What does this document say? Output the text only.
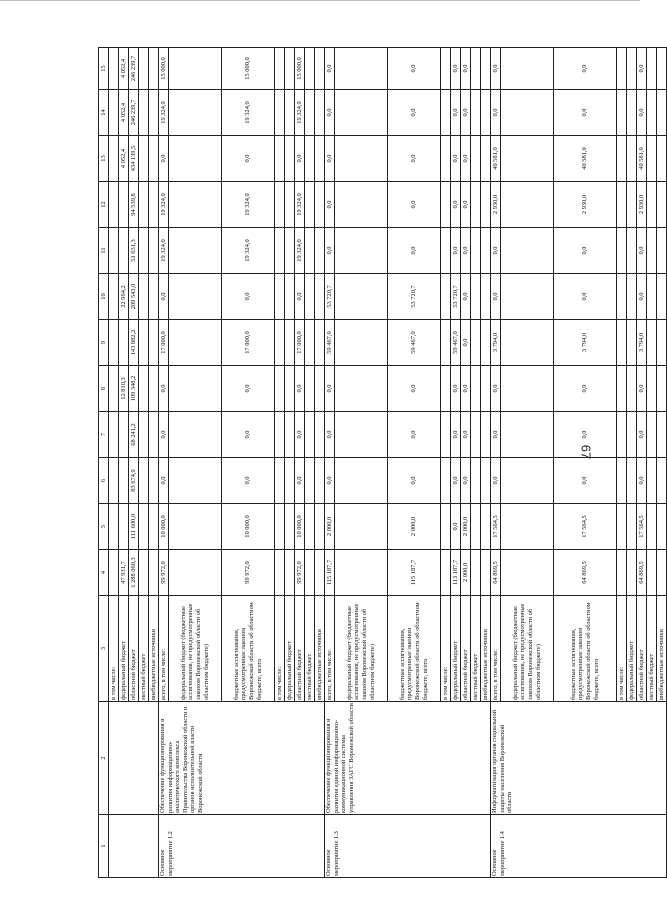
67
1	2	3	4	5	6	7	8	9	10	11	12	13	14	15
		в том числе:												
		федеральный бюджет	47 931,7				12 810,3		22 964,2			4 052,4	4 052,4	4 052,4
		областной бюджет	1 288 060,3	111 600,0	83 674,9	68 241,2	109 348,2	143 882,2	209 543,0	51 631,3	94 539,8	434 139,5	246 239,7	246 239,7
		местный бюджет												
		внебюджетные источники												
Основное мероприятие 1.2	Обеспечение функционирования и развития информационно-аналитического комплекса Правительства Воронежской области и органов исполнительной власти Воронежской области	всего, в том числе:	99 972,0	10 000,0	0,0	0,0	0,0	17 000,0	0,0	19 324,0	19 324,0	0,0	19 324,0	15 000,0
		федеральный бюджет (бюджетные ассигнования, не предусмотренные законом Воронежской области об областном бюджете)												
		бюджетные ассигнования, предусмотренные законом Воронежской области об областном бюджете, всего	99 972,0	10 000,0	0,0	0,0	0,0	17 000,0	0,0	19 324,0	19 324,0	0,0	19 324,0	15 000,0
		в том числе:												
		федеральный бюджет												
		областной бюджет	99 972,0	10 000,0	0,0	0,0	0,0	17 000,0	0,0	19 324,0	19 324,0	0,0	19 324,0	15 000,0
		местный бюджет												
		внебюджетные источники												
Основное мероприятие 1.3	Обеспечение функционирования и развития единой информационно-коммуникационной системы управления ЗАГС Воронежской области	всего, в том числе:	115 187,7	2 000,0	0,0	0,0	0,0	59 467,0	53 720,7	0,0	0,0	0,0	0,0	0,0
		федеральный бюджет (бюджетные ассигнования, не предусмотренные законом Воронежской области об областном бюджете)												
		бюджетные ассигнования, предусмотренные законом Воронежской области об областном бюджете, всего	115 187,7	2 000,0	0,0	0,0	0,0	59 467,0	53 720,7	0,0	0,0	0,0	0,0	0,0
		в том числе:												
		федеральный бюджет	113 187,7	0,0	0,0	0,0	0,0	59 467,0	53 720,7	0,0	0,0	0,0	0,0	0,0
		областной бюджет	2 000,0	2 000,0	0,0	0,0	0,0	0,0	0,0	0,0	0,0	0,0	0,0	0,0
		местный бюджет												
		внебюджетные источники												
Основное мероприятие 1.4	Информатизация органов социальной защиты населения Воронежской области	всего, в том числе:	64 869,5	17 564,5	0,0	0,0	0,0	3 794,0	0,0	0,0	2 930,0	40 581,0	0,0	0,0
		федеральный бюджет (бюджетные ассигнования, не предусмотренные законом Воронежской области об областном бюджете)												
		бюджетные ассигнования, предусмотренные законом Воронежской области об областном бюджете, всего	64 869,5	17 564,5	0,0	0,0	0,0	3 794,0	0,0	0,0	2 930,0	40 581,0	0,0	0,0
		в том числе:												
		федеральный бюджет												
		областной бюджет	64 869,5	17 564,5	0,0	0,0	0,0	3 794,0	0,0	0,0	2 930,0	40 581,0	0,0	0,0
		местный бюджет												
		внебюджетные источники												
